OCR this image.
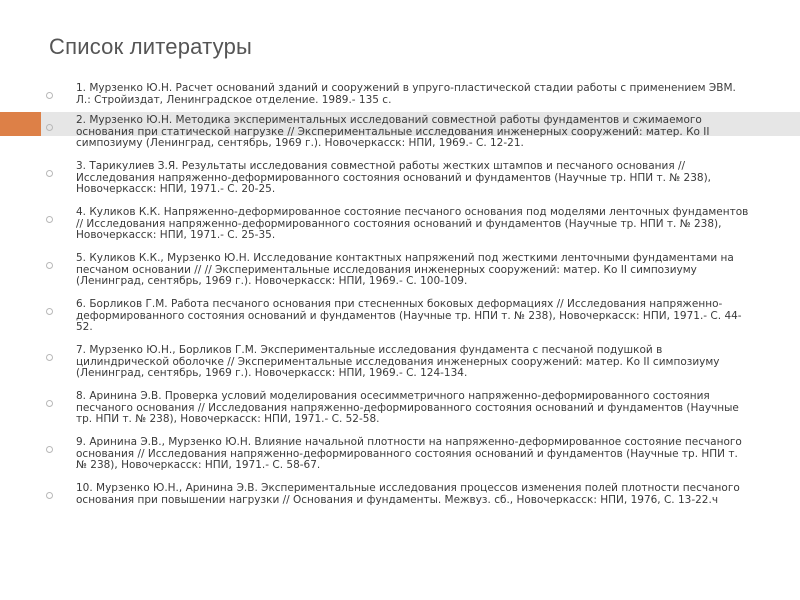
Список литературы
1. Мурзенко Ю.Н. Расчет оснований зданий и сооружений в упруго-пластической стадии работы с применением ЭВМ. Л.: Стройиздат, Ленинградское отделение. 1989.- 135 с.
2. Мурзенко Ю.Н. Методика экспериментальных исследований совместной работы фундаментов и сжимаемого основания при статической нагрузке // Экспериментальные исследования инженерных сооружений: матер. Ко II симпозиуму (Ленинград, сентябрь, 1969 г.). Новочеркасск: НПИ, 1969.- С. 12-21.
3. Тарикулиев З.Я. Результаты исследования совместной работы жестких штампов и песчаного основания // Исследования напряженно-деформированного состояния оснований и фундаментов (Научные тр. НПИ т. № 238), Новочеркасск: НПИ, 1971.- С. 20-25.
4. Куликов К.К. Напряженно-деформированное состояние песчаного основания под моделями ленточных фундаментов // Исследования напряженно-деформированного состояния оснований и фундаментов (Научные тр. НПИ т. № 238), Новочеркасск: НПИ, 1971.- С. 25-35.
5. Куликов К.К., Мурзенко Ю.Н. Исследование контактных напряжений под жесткими ленточными фундаментами на песчаном основании // // Экспериментальные исследования инженерных сооружений: матер. Ко II симпозиуму (Ленинград, сентябрь, 1969 г.). Новочеркасск: НПИ, 1969.- С. 100-109.
6. Борликов Г.М. Работа песчаного основания при стесненных боковых деформациях // Исследования напряженно-деформированного состояния оснований и фундаментов (Научные тр. НПИ т. № 238), Новочеркасск: НПИ, 1971.- С. 44-52.
7. Мурзенко Ю.Н., Борликов Г.М. Экспериментальные исследования фундамента с песчаной подушкой в цилиндрической оболочке // Экспериментальные исследования инженерных сооружений: матер. Ко II симпозиуму (Ленинград, сентябрь, 1969 г.). Новочеркасск: НПИ, 1969.- С. 124-134.
8. Аринина Э.В. Проверка условий моделирования осесимметричного напряженно-деформированного состояния песчаного основания // Исследования напряженно-деформированного состояния оснований и фундаментов (Научные тр. НПИ т. № 238), Новочеркасск: НПИ, 1971.- С. 52-58.
9. Аринина Э.В., Мурзенко Ю.Н. Влияние начальной плотности на напряженно-деформированное состояние песчаного основания // Исследования напряженно-деформированного состояния оснований и фундаментов (Научные тр. НПИ т. № 238), Новочеркасск: НПИ, 1971.- С. 58-67.
10. Мурзенко Ю.Н., Аринина Э.В. Экспериментальные исследования процессов изменения полей плотности песчаного основания при повышении нагрузки // Основания и фундаменты. Межвуз. сб., Новочеркасск: НПИ, 1976, С. 13-22.ч
